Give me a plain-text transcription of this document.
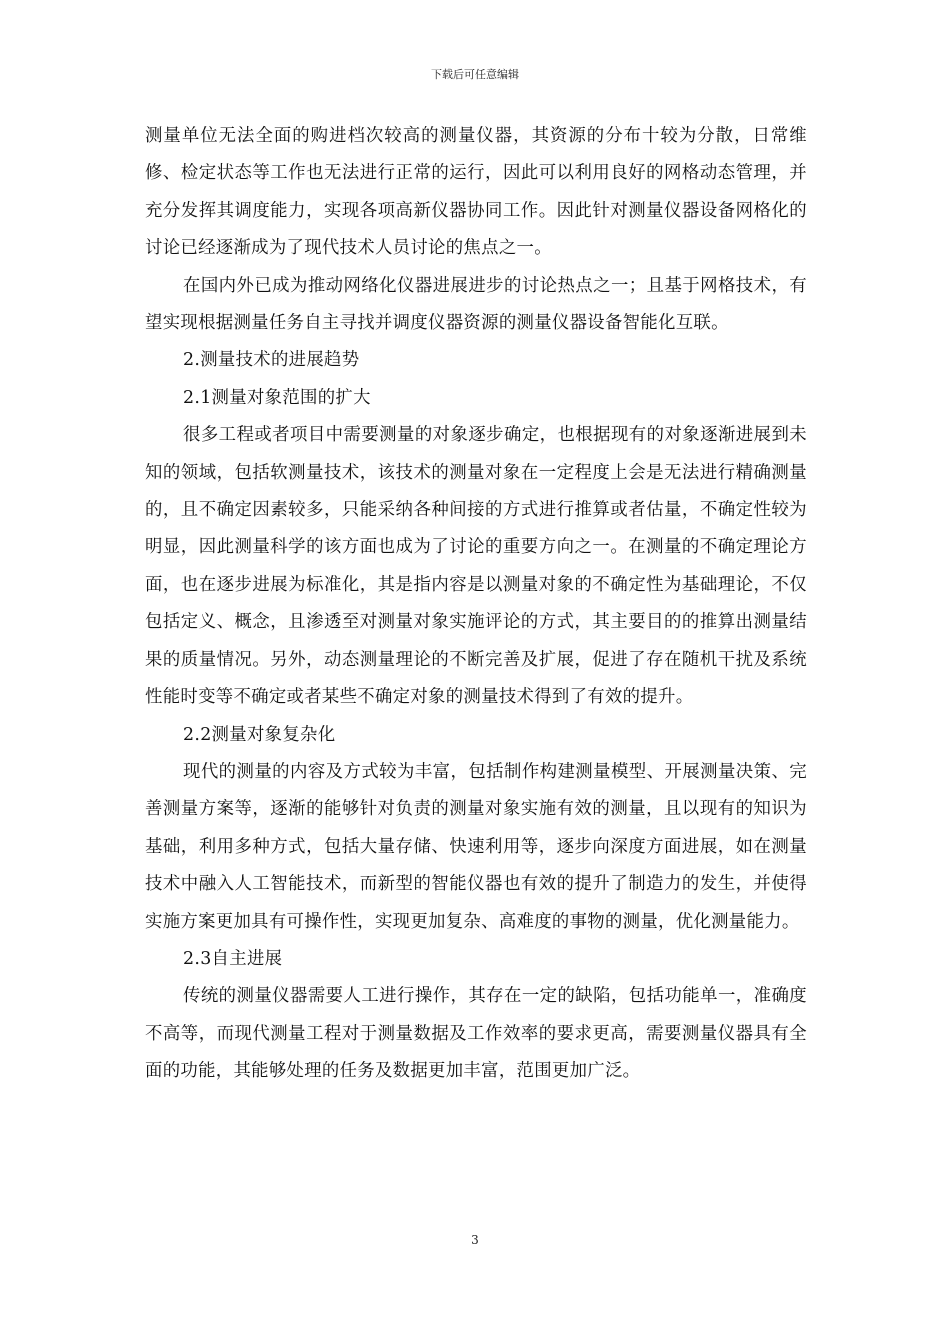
下载后可任意编辑

测量单位无法全面的购进档次较高的测量仪器，其资源的分布十较为分散，日常维修、检定状态等工作也无法进行正常的运行，因此可以利用良好的网格动态管理，并充分发挥其调度能力，实现各项高新仪器协同工作。因此针对测量仪器设备网格化的讨论已经逐渐成为了现代技术人员讨论的焦点之一。

在国内外已成为推动网络化仪器进展进步的讨论热点之一；且基于网格技术，有望实现根据测量任务自主寻找并调度仪器资源的测量仪器设备智能化互联。

2.测量技术的进展趋势

2.1测量对象范围的扩大

很多工程或者项目中需要测量的对象逐步确定，也根据现有的对象逐渐进展到未知的领域，包括软测量技术，该技术的测量对象在一定程度上会是无法进行精确测量的，且不确定因素较多，只能采纳各种间接的方式进行推算或者估量，不确定性较为明显，因此测量科学的该方面也成为了讨论的重要方向之一。在测量的不确定理论方面，也在逐步进展为标准化，其是指内容是以测量对象的不确定性为基础理论，不仅包括定义、概念，且渗透至对测量对象实施评论的方式，其主要目的的推算出测量结果的质量情况。另外，动态测量理论的不断完善及扩展，促进了存在随机干扰及系统性能时变等不确定或者某些不确定对象的测量技术得到了有效的提升。

2.2测量对象复杂化

现代的测量的内容及方式较为丰富，包括制作构建测量模型、开展测量决策、完善测量方案等，逐渐的能够针对负责的测量对象实施有效的测量，且以现有的知识为基础，利用多种方式，包括大量存储、快速利用等，逐步向深度方面进展，如在测量技术中融入人工智能技术，而新型的智能仪器也有效的提升了制造力的发生，并使得实施方案更加具有可操作性，实现更加复杂、高难度的事物的测量，优化测量能力。

2.3自主进展

传统的测量仪器需要人工进行操作，其存在一定的缺陷，包括功能单一，准确度不高等，而现代测量工程对于测量数据及工作效率的要求更高，需要测量仪器具有全面的功能，其能够处理的任务及数据更加丰富，范围更加广泛。

3
